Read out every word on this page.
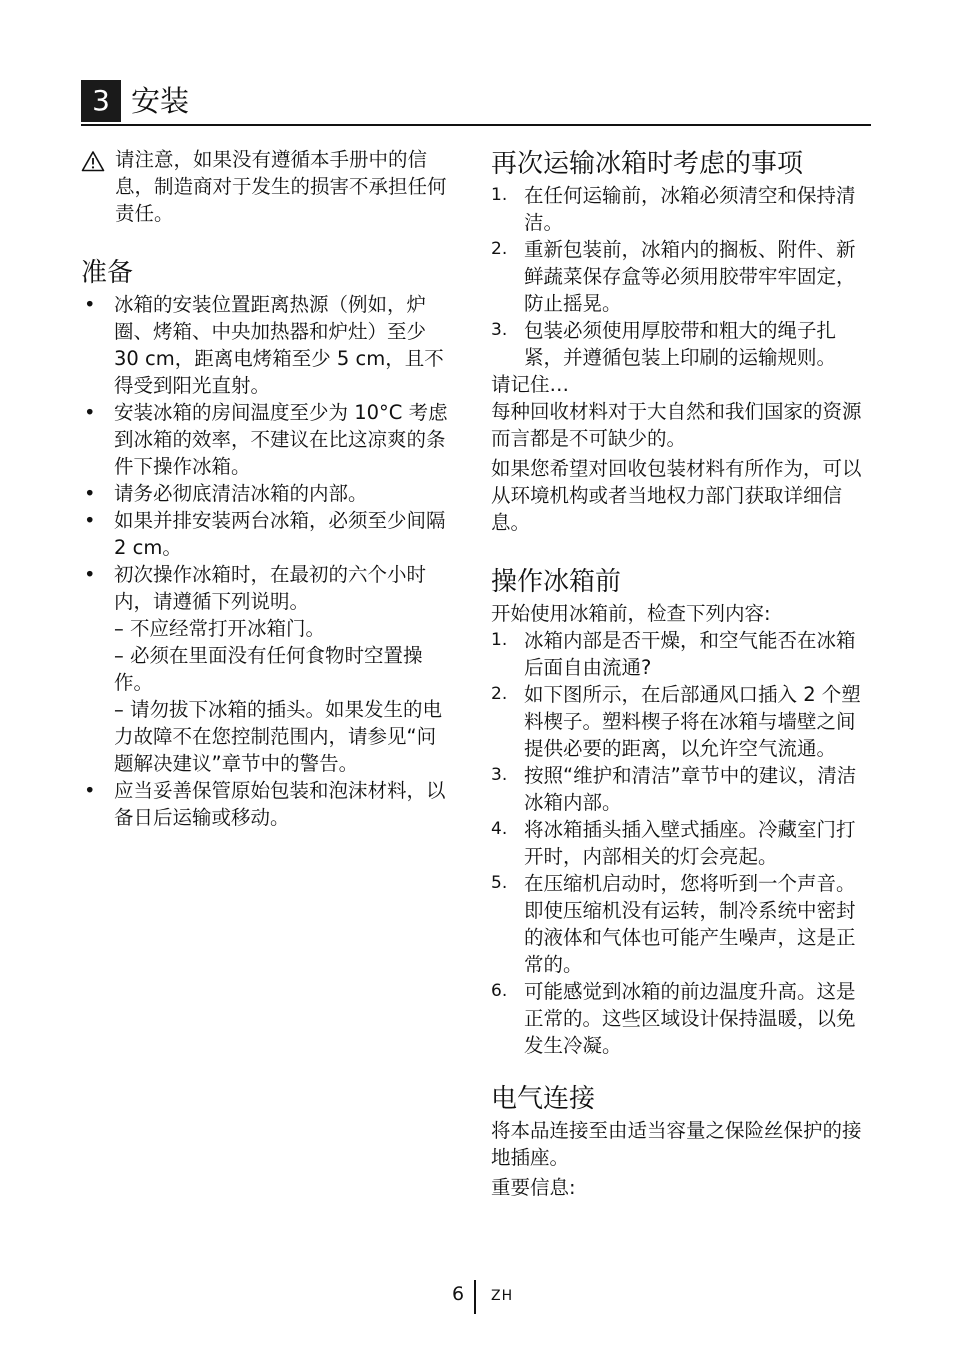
3 安装

请注意，如果没有遵循本手册中的信息，制造商对于发生的损害不承担任何责任。

准备
• 冰箱的安装位置距离热源（例如，炉圈、烤箱、中央加热器和炉灶）至少 30 cm，距离电烤箱至少 5 cm，且不得受到阳光直射。
• 安装冰箱的房间温度至少为 10°C 考虑到冰箱的效率，不建议在比这凉爽的条件下操作冰箱。
• 请务必彻底清洁冰箱的内部。
• 如果并排安装两台冰箱，必须至少间隔 2 cm。
• 初次操作冰箱时，在最初的六个小时内，请遵循下列说明。
– 不应经常打开冰箱门。
– 必须在里面没有任何食物时空置操作。
– 请勿拔下冰箱的插头。如果发生的电力故障不在您控制范围内，请参见“问题解决建议”章节中的警告。
• 应当妥善保管原始包装和泡沫材料，以备日后运输或移动。
再次运输冰箱时考虑的事项
1. 在任何运输前，冰箱必须清空和保持清洁。
2. 重新包装前，冰箱内的搁板、附件、新鲜蔬菜保存盒等必须用胶带牢牢固定，防止摇晃。
3. 包装必须使用厚胶带和粗大的绳子扎紧，并遵循包装上印刷的运输规则。

请记住…

每种回收材料对于大自然和我们国家的资源而言都是不可缺少的。

如果您希望对回收包装材料有所作为，可以从环境机构或者当地权力部门获取详细信息。

操作冰箱前

开始使用冰箱前，检查下列内容:

1. 冰箱内部是否干燥，和空气能否在冰箱后面自由流通?
2. 如下图所示，在后部通风口插入 2 个塑料楔子。塑料楔子将在冰箱与墙壁之间提供必要的距离，以允许空气流通。
3. 按照“维护和清洁”章节中的建议，清洁冰箱内部。
4. 将冰箱插头插入壁式插座。冷藏室门打开时，内部相关的灯会亮起。
5. 在压缩机启动时，您将听到一个声音。即使压缩机没有运转，制冷系统中密封的液体和气体也可能产生噪声，这是正常的。
6. 可能感觉到冰箱的前边温度升高。这是正常的。这些区域设计保持温暖，以免发生冷凝。
电气连接

将本品连接至由适当容量之保险丝保护的接地插座。

重要信息:

6 ZH
